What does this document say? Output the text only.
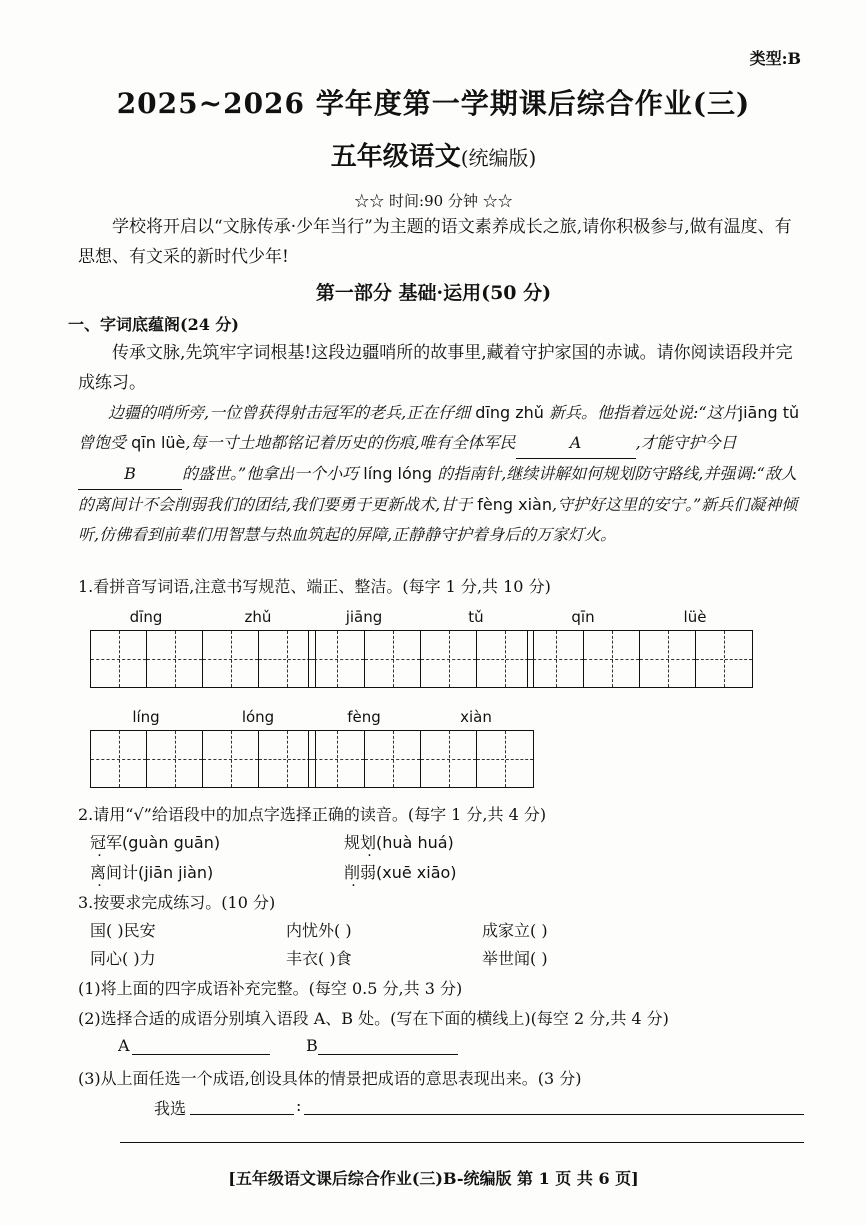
类型:B
2025~2026 学年度第一学期课后综合作业(三)
五年级语文(统编版)
☆☆ 时间:90 分钟 ☆☆
学校将开启以“文脉传承·少年当行”为主题的语文素养成长之旅,请你积极参与,做有温度、有思想、有文采的新时代少年!
第一部分 基础·运用(50 分)
一、字词底蕴阁(24 分)
传承文脉,先筑牢字词根基!这段边疆哨所的故事里,藏着守护家国的赤诚。请你阅读语段并完成练习。
边疆的哨所旁,一位曾获得射击冠军的老兵,正在仔细 dīng zhǔ 新兵。他指着远处说:“这片jiāng tǔ曾饱受 qīn lüè,每一寸土地都铭记着历史的伤痕,唯有全体军民	A	,才能守护今日B	的盛世。”他拿出一个小巧 líng lóng 的指南针,继续讲解如何规划防守路线,并强调:“敌人的离间计不会削弱我们的团结,我们要勇于更新战术,甘于 fèng xiàn,守护好这里的安宁。”新兵们凝神倾听,仿佛看到前辈们用智慧与热血筑起的屏障,正静静守护着身后的万家灯火。
1.看拼音写词语,注意书写规范、端正、整洁。(每字 1 分,共 10 分)
dīng	zhǔ	jiāng	tǔ	qīn	lüè
líng	lóng	fèng	xiàn
2.请用“√”给语段中的加点字选择正确的读音。(每字 1 分,共 4 分)
冠军(guàn guān)	规划(huà huá)
离间计(jiān jiàn)	削弱(xuē xiāo)
3.按要求完成练习。(10 分)
国( )民安	内忧外( )	成家立( )
同心( )力	丰衣( )食	举世闻( )
(1)将上面的四字成语补充完整。(每空 0.5 分,共 3 分)
(2)选择合适的成语分别填入语段 A、B 处。(写在下面的横线上)(每空 2 分,共 4 分)
A	B
(3)从上面任选一个成语,创设具体的情景把成语的意思表现出来。(3 分)
我选	:
[五年级语文课后综合作业(三)B-统编版 第 1 页 共 6 页]
